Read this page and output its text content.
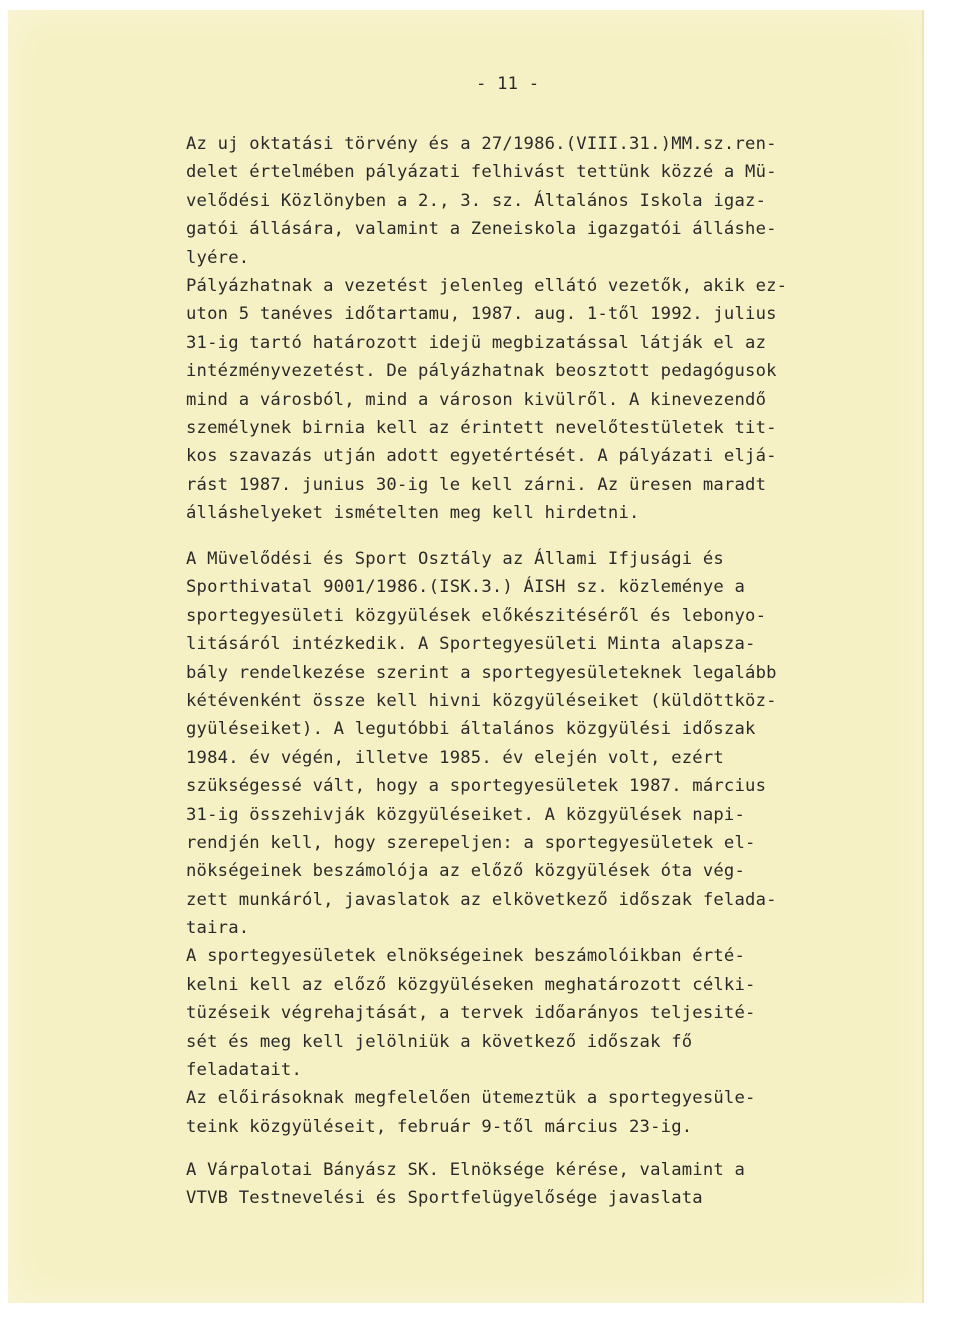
- 11 -
Az uj oktatási törvény és a 27/1986.(VIII.31.)MM.sz.ren-
delet értelmében pályázati felhivást tettünk közzé a Mü-
velődési Közlönyben a 2., 3. sz. Általános Iskola igaz-
gatói állására, valamint a Zeneiskola igazgatói álláshe-
lyére.
Pályázhatnak a vezetést jelenleg ellátó vezetők, akik ez-
uton 5 tanéves időtartamu, 1987. aug. 1-től 1992. julius
31-ig tartó határozott idejü megbizatással látják el az
intézményvezetést. De pályázhatnak beosztott pedagógusok
mind a városból, mind a városon kivülről. A kinevezendő
személynek birnia kell az érintett nevelőtestületek tit-
kos szavazás utján adott egyetértését. A pályázati eljá-
rást 1987. junius 30-ig le kell zárni. Az üresen maradt
álláshelyeket ismételten meg kell hirdetni.
A Müvelődési és Sport Osztály az Állami Ifjusági és
Sporthivatal 9001/1986.(ISK.3.) ÁISH sz. közleménye a
sportegyesületi közgyülések előkészitéséről és lebonyo-
litásáról intézkedik. A Sportegyesületi Minta alapsza-
bály rendelkezése szerint a sportegyesületeknek legalább
kétévenként össze kell hivni közgyüléseiket (küldöttköz-
gyüléseiket). A legutóbbi általános közgyülési időszak
1984. év végén, illetve 1985. év elején volt, ezért
szükségessé vált, hogy a sportegyesületek 1987. március
31-ig összehivják közgyüléseiket. A közgyülések napi-
rendjén kell, hogy szerepeljen: a sportegyesületek el-
nökségeinek beszámolója az előző közgyülések óta vég-
zett munkáról, javaslatok az elkövetkező időszak felada-
taira.
A sportegyesületek elnökségeinek beszámolóikban érté-
kelni kell az előző közgyüléseken meghatározott célki-
tüzéseik végrehajtását, a tervek időarányos teljesité-
sét és meg kell jelölniük a következő időszak fő
feladatait.
Az előirásoknak megfelelően ütemeztük a sportegyesüle-
teink közgyüléseit, február 9-től március 23-ig.
A Várpalotai Bányász SK. Elnöksége kérése, valamint a
VTVB Testnevelési és Sportfelügyelősége javaslata
